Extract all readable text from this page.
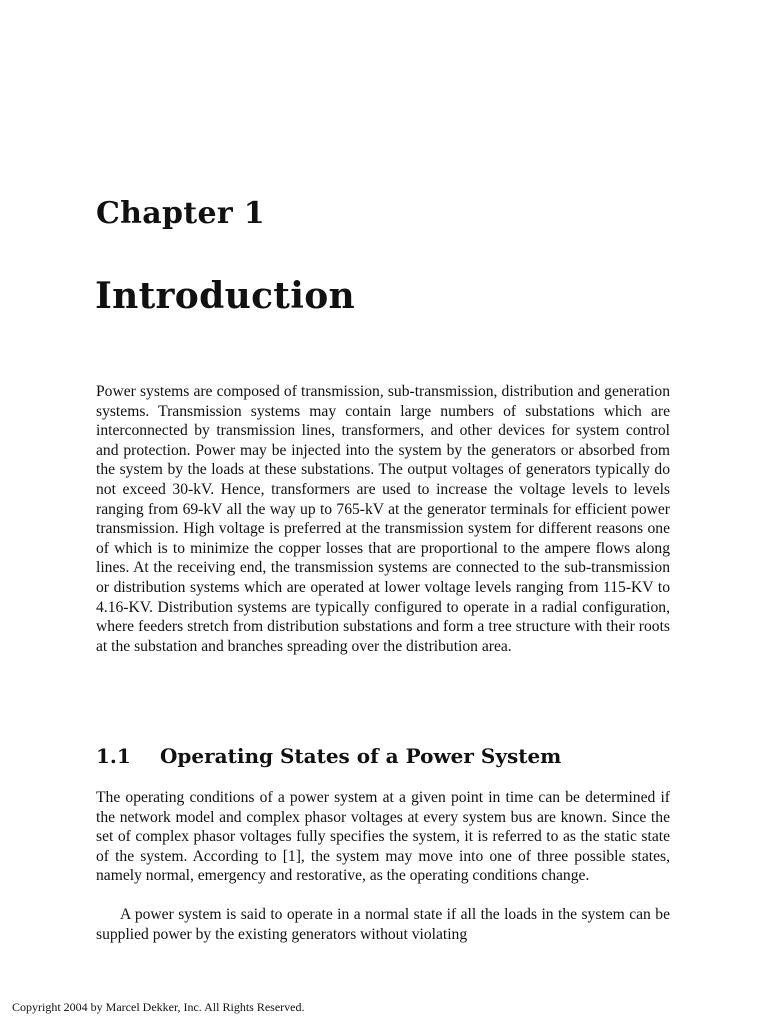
Chapter 1
Introduction

Power systems are composed of transmission, sub-transmission, distribution and generation systems. Transmission systems may contain large numbers of substations which are interconnected by transmission lines, transformers, and other devices for system control and protection. Power may be injected into the system by the generators or absorbed from the system by the loads at these substations. The output voltages of generators typically do not exceed 30-kV. Hence, transformers are used to increase the voltage levels to levels ranging from 69-kV all the way up to 765-kV at the generator terminals for efficient power transmission. High voltage is preferred at the transmission system for different reasons one of which is to minimize the copper losses that are proportional to the ampere flows along lines. At the receiving end, the transmission systems are connected to the sub-transmission or distribution systems which are operated at lower voltage levels ranging from 115-KV to 4.16-KV. Distribution systems are typically configured to operate in a radial configuration, where feeders stretch from distribution substations and form a tree structure with their roots at the substation and branches spreading over the distribution area.

1.1 Operating States of a Power System

The operating conditions of a power system at a given point in time can be determined if the network model and complex phasor voltages at every system bus are known. Since the set of complex phasor voltages fully specifies the system, it is referred to as the static state of the system. According to [1], the system may move into one of three possible states, namely normal, emergency and restorative, as the operating conditions change.

A power system is said to operate in a normal state if all the loads in the system can be supplied power by the existing generators without violating

Copyright 2004 by Marcel Dekker, Inc. All Rights Reserved.
